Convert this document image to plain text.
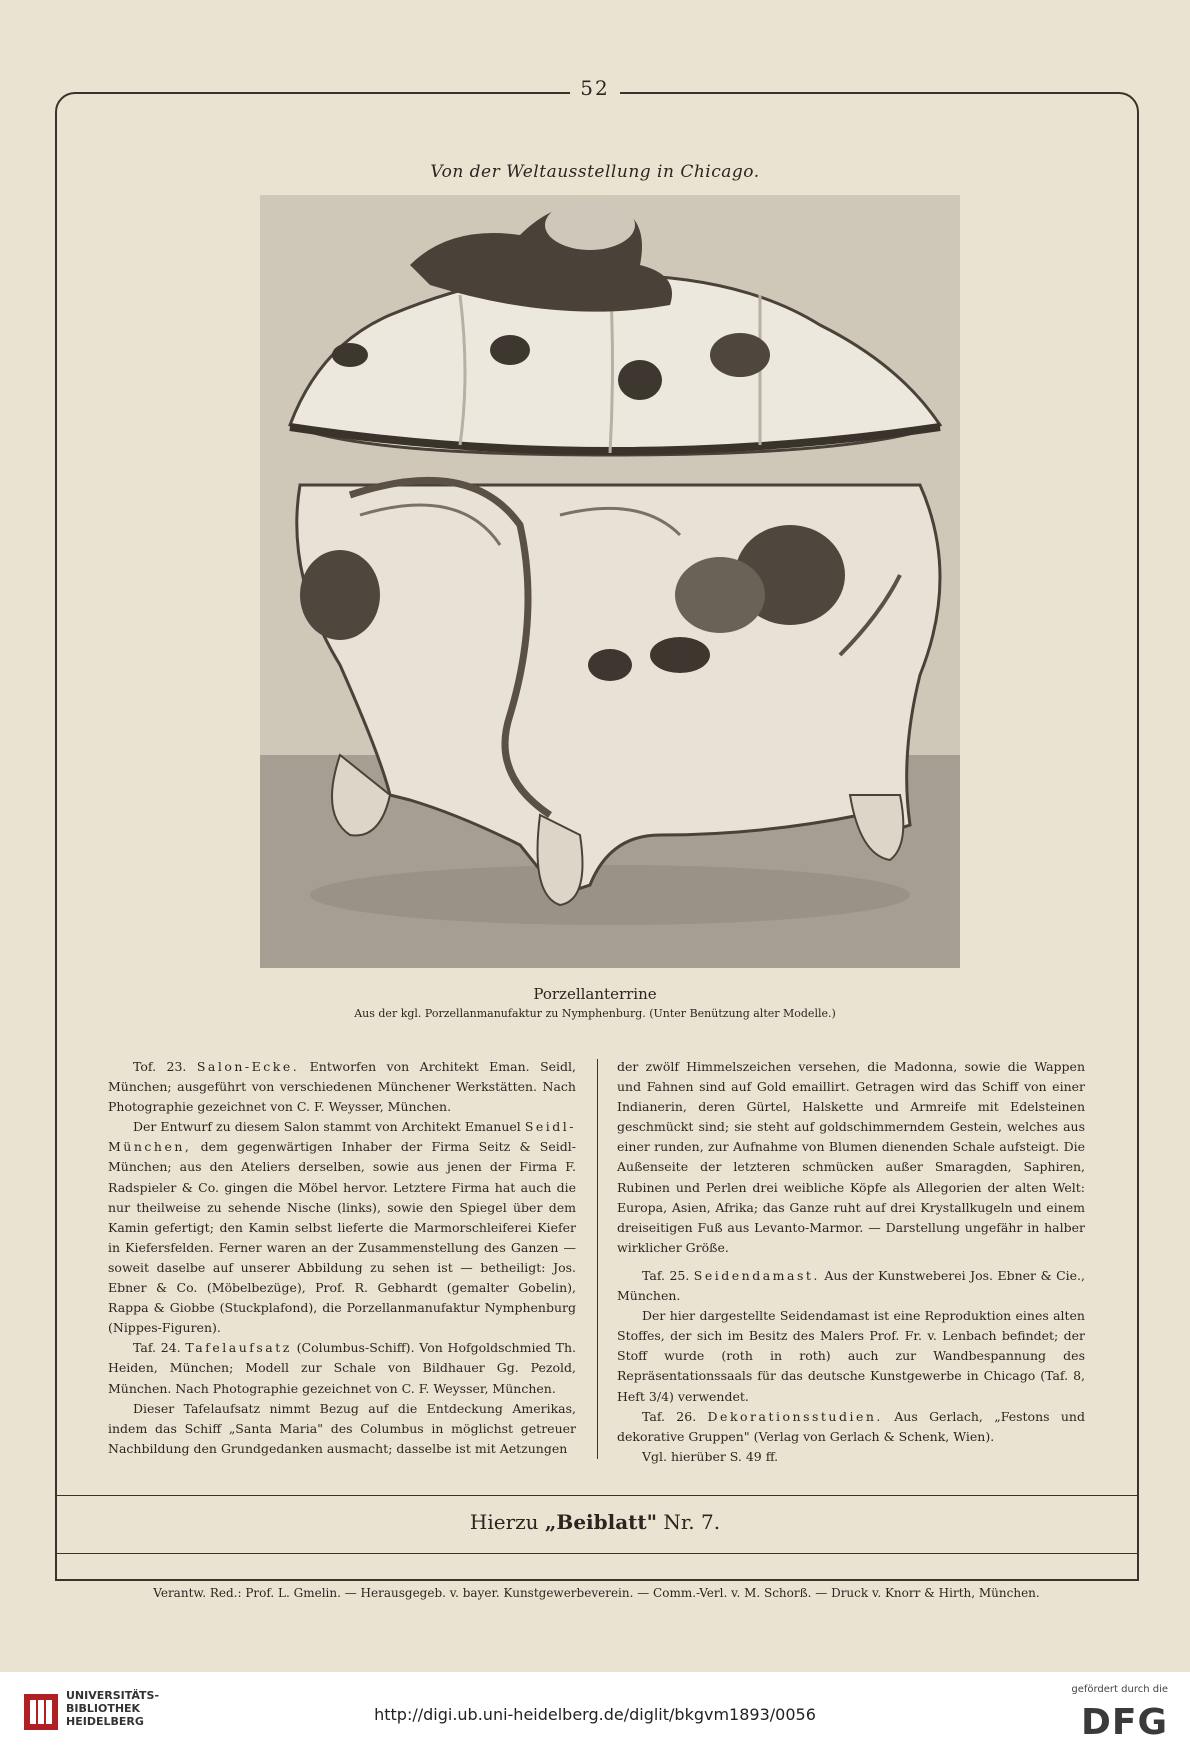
52
Von der Weltausstellung in Chicago.
Porzellanterrine
Aus der kgl. Porzellanmanufaktur zu Nymphenburg. (Unter Benützung alter Modelle.)

Tof. 23. Salon-Ecke. Entworfen von Architekt Eman. Seidl, München; ausgeführt von verschiedenen Münchener Werkstätten. Nach Photographie gezeichnet von C. F. Weysser, München.

Der Entwurf zu diesem Salon stammt von Architekt Emanuel Seidl-München, dem gegenwärtigen Inhaber der Firma Seitz & Seidl-München; aus den Ateliers derselben, sowie aus jenen der Firma F. Radspieler & Co. gingen die Möbel hervor. Letztere Firma hat auch die nur theilweise zu sehende Nische (links), sowie den Spiegel über dem Kamin gefertigt; den Kamin selbst lieferte die Marmorschleiferei Kiefer in Kiefersfelden. Ferner waren an der Zusammenstellung des Ganzen — soweit daselbe auf unserer Abbildung zu sehen ist — betheiligt: Jos. Ebner & Co. (Möbelbezüge), Prof. R. Gebhardt (gemalter Gobelin), Rappa & Giobbe (Stuckplafond), die Porzellanmanufaktur Nymphenburg (Nippes-Figuren).

Taf. 24. Tafelaufsatz (Columbus-Schiff). Von Hofgoldschmied Th. Heiden, München; Modell zur Schale von Bildhauer Gg. Pezold, München. Nach Photographie gezeichnet von C. F. Weysser, München.

Dieser Tafelaufsatz nimmt Bezug auf die Entdeckung Amerikas, indem das Schiff „Santa Maria" des Columbus in möglichst getreuer Nachbildung den Grundgedanken ausmacht; dasselbe ist mit Aetzungen

der zwölf Himmelszeichen versehen, die Madonna, sowie die Wappen und Fahnen sind auf Gold emaillirt. Getragen wird das Schiff von einer Indianerin, deren Gürtel, Halskette und Armreife mit Edelsteinen geschmückt sind; sie steht auf goldschimmerndem Gestein, welches aus einer runden, zur Aufnahme von Blumen dienenden Schale aufsteigt. Die Außenseite der letzteren schmücken außer Smaragden, Saphiren, Rubinen und Perlen drei weibliche Köpfe als Allegorien der alten Welt: Europa, Asien, Afrika; das Ganze ruht auf drei Krystallkugeln und einem dreiseitigen Fuß aus Levanto-Marmor. — Darstellung ungefähr in halber wirklicher Größe.

Taf. 25. Seidendamast. Aus der Kunstweberei Jos. Ebner & Cie., München.

Der hier dargestellte Seidendamast ist eine Reproduktion eines alten Stoffes, der sich im Besitz des Malers Prof. Fr. v. Lenbach befindet; der Stoff wurde (roth in roth) auch zur Wandbespannung des Repräsentationssaals für das deutsche Kunstgewerbe in Chicago (Taf. 8, Heft 3/4) verwendet.

Taf. 26. Dekorationsstudien. Aus Gerlach, „Festons und dekorative Gruppen" (Verlag von Gerlach & Schenk, Wien).

Vgl. hierüber S. 49 ff.

Hierzu „Beiblatt" Nr. 7.
Verantw. Red.: Prof. L. Gmelin. — Herausgegeb. v. bayer. Kunstgewerbeverein. — Comm.-Verl. v. M. Schorß. — Druck v. Knorr & Hirth, München.
UNIVERSITÄTS-
BIBLIOTHEK
HEIDELBERG	http://digi.ub.uni-heidelberg.de/diglit/bkgvm1893/0056
gefördert durch die
DFG
